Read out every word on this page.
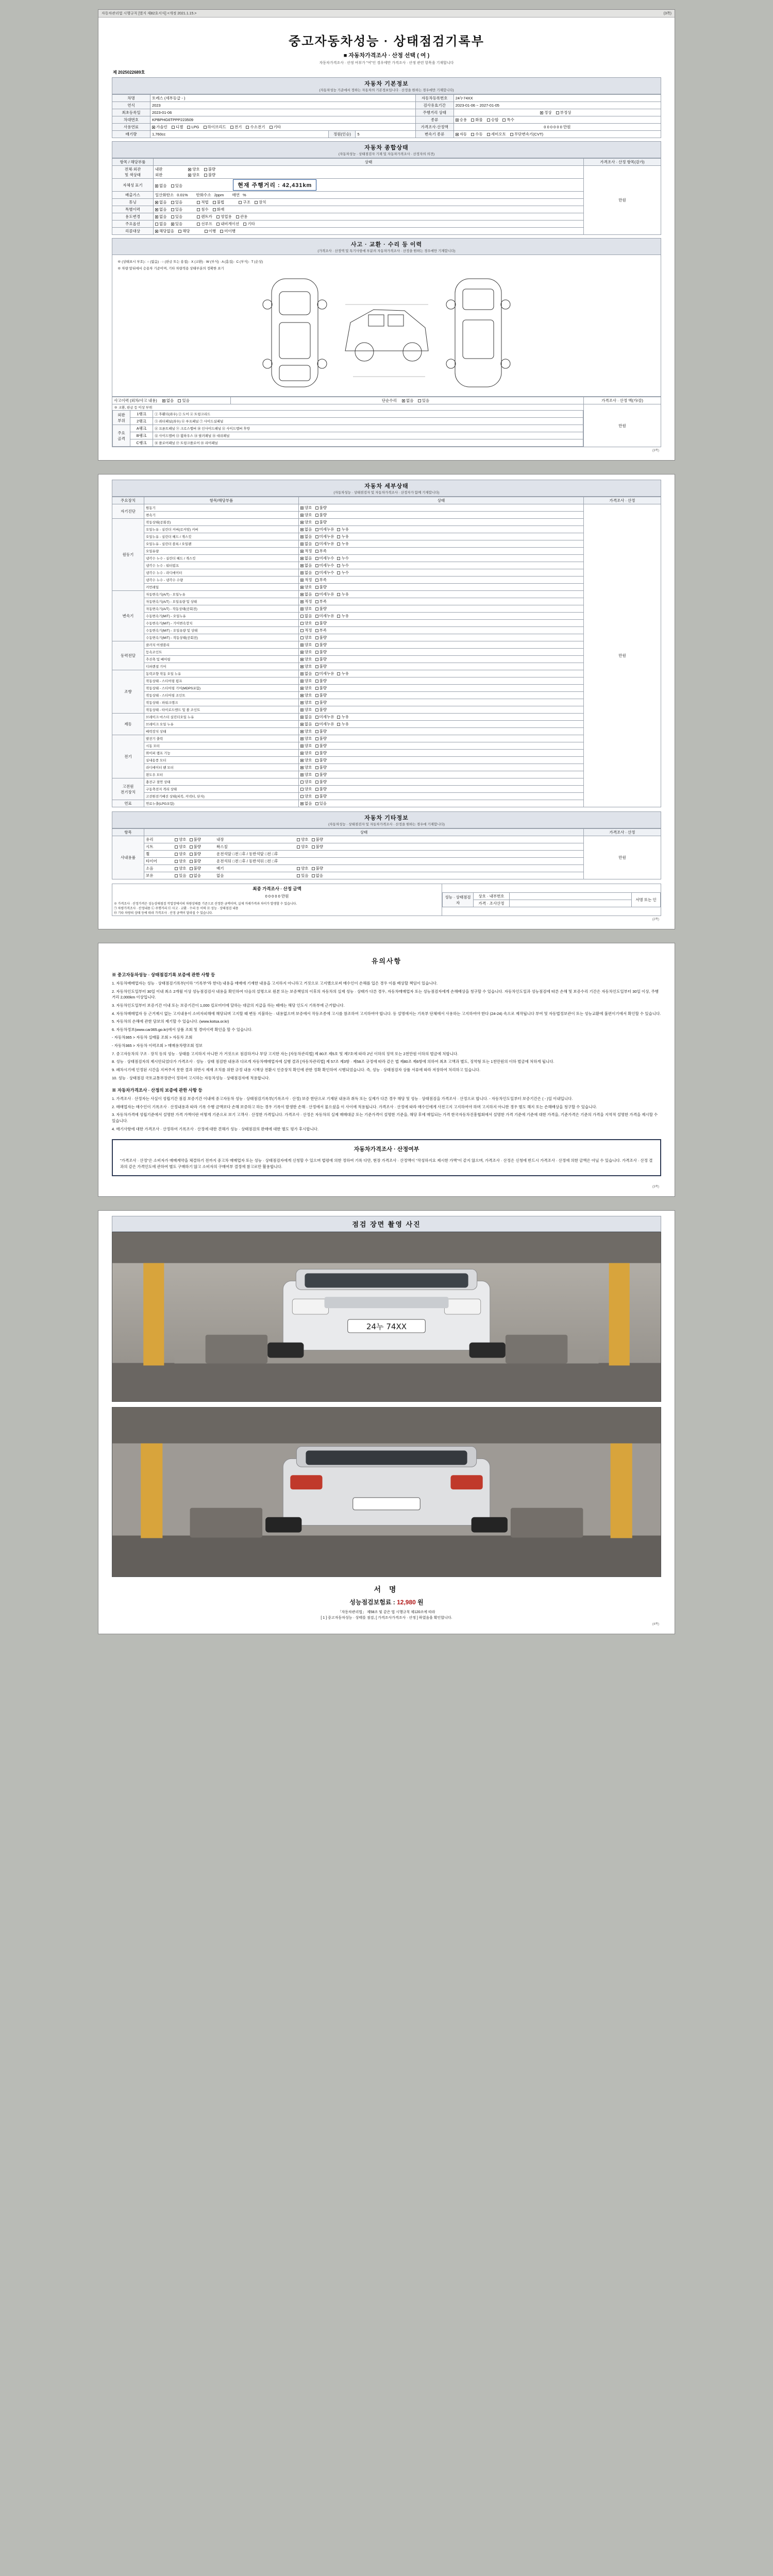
자동차관리법 시행규칙 [별지 제82호서식] <개정 2021.1.15.>	(3쪽)
중고자동차성능 · 상태점검기록부
■ 자동차가격조사 · 산정 선택 ( 여 )
자동차가격조사 · 산정 여부가 "여"인 경우에만 가격조사 · 산정 관련 항목을 기재합니다
제 2025022689호
자동차 기본정보
(자동차성능 기준에서 정하는 자동차의 기본정보입니다 · 산정을 원하는 경우에만 기재합니다)
차명	토레스 (세부등급 - )			자동차등록번호	24누74XX
연식	2023			검사유효기간	2023-01-06 ~ 2027-01-05
최초등록일	2023-01-06			주행거리 상태	정상 부정상
차대번호	KPBPHG6TPPP223509			종류	승용 화물 승합 특수
사용연료	가솔린 디젤 LPG 하이브리드 전기 수소전기 기타			가격조사·산정액	0 0 0 0 0 0 만원
배기량	1,760cc	정원(인승)	5	변속기 종류	자동 수동 세미오토 무단변속기(CVT)
자동차 종합상태
(자동차성능 · 상태점검자 기재 및 자동차가격조사 · 산정자의 의견)
항목 / 해당부품	상태	가격조사 · 산정 항목(감가)
전체·외관
및 색상태	
내판	양호 불량
외판	양호 불량
	만원
자체성 표기	없음 있음 현재 주행거리 : 42,431km	
배출가스	일산화탄소 0.01% 탄화수소 2ppm 매연 %	
튜닝	없음 있음 적법 불법 구조 장치	
특별이력	없음 있음 침수 화재	
용도변경	없음 있음 렌트카 영업용 관용	
주요옵션	없음 있음 선루프 내비게이션 기타	
리콜대상	해당없음 해당 이행 미이행	
사고 · 교환 · 수리 등 이력
(가격조사 · 산정액 및 특기사항에 부분의 자동차가격조사 · 산정을 원하는 경우에만 기재합니다)
※ (상태표시 부호) : ○ (없음) · ○ (판금 또는 용접) · X (교환) · W (부식) · A (흠집) · C (부식) · T (손상)
※ 차량 앞뒤에서 승용차 기준이며, 기타 차량적용 상태부분의 정확한 표기
사고이력 (외차/사고 내용) 없음 있음	단순수리 없음 있음	가격조사 · 산정 액(가/감)

※ 교환, 판금 등 이상 부위
외판
부위	1랭크	① 후휀더(좌우) ② 도어 ④ 트렁크리드
2랭크	⑤ 쿼터패널(좌우) ⑥ 루프패널 ⑦ 사이드실패널
주요
골격	A랭크	⑧ 프론트패널 ⑨ 크로스멤버 ⑩ 인사이드패널 ⑪ 사이드멤버 후방
B랭크	⑫ 사이드멤버 ⑬ 휠하우스 ⑭ 필러패널 ⑮ 대쉬패널
C랭크	⑯ 플로어패널 ⑰ 트렁크플로어 ⑱ 리어패널
	만원
(3쪽)
자동차 세부상태
(자동차성능 · 상태점검자 및 자동차가격조사 · 산정자가 함께 기재합니다)
주요장치	항목/해당부품	상태	가격조사 · 산정
자기진단	원동기	양호 불량	만원
	변속기	양호 불량	
원동기	작동상태(공회전)	양호 불량	
	오일누유 - 실린더 커버(로커암) 커버	없음 미세누유 누유	
	오일누유 - 실린더 헤드 / 개스킷	없음 미세누유 누유	
	오일누유 - 실린더 블록 / 오일팬	없음 미세누유 누유	
	오일유량	적정 부족	
	냉각수 누수 - 실린더 헤드 / 개스킷	없음 미세누수 누수	
	냉각수 누수 - 워터펌프	없음 미세누수 누수	
	냉각수 누수 - 라디에이터	없음 미세누수 누수	
	냉각수 누수 - 냉각수 수량	적정 부족	
	커먼레일	양호 불량	
변속기	자동변속기(A/T) - 오일누유	없음 미세누유 누유	
	자동변속기(A/T) - 오일유량 및 상태	적정 부족	
	자동변속기(A/T) - 작동상태(공회전)	양호 불량	
	수동변속기(M/T) - 오일누유	없음 미세누유 누유	
	수동변속기(M/T) - 기어변속장치	양호 불량	
	수동변속기(M/T) - 오일유량 및 상태	적정 부족	
	수동변속기(M/T) - 작동상태(공회전)	양호 불량	
동력전달	클러치 어셈블리	양호 불량	
	등속조인트	양호 불량	
	추진축 및 베어링	양호 불량	
	디퍼렌셜 기어	양호 불량	
조향	동력조향 작동 오일 누유	없음 미세누유 누유	
	작동상태 - 스티어링 펌프	양호 불량	
	작동상태 - 스티어링 기어(MDPS포함)	양호 불량	
	작동상태 - 스티어링 조인트	양호 불량	
	작동상태 - 파워크랭크	양호 불량	
	작동상태 - 타이로드엔드 및 볼 조인트	양호 불량	
제동	브레이크 마스터 실린더오일 누유	없음 미세누유 누유	
	브레이크 오일 누유	없음 미세누유 누유	
	배력장치 상태	양호 불량	
전기	발전기 출력	양호 불량	
	시동 모터	양호 불량	
	와이퍼 램프 기능	양호 불량	
	실내송풍 모터	양호 불량	
	라디에이터 팬 모터	양호 불량	
	윈도우 모터	양호 불량	
고전원
전기장치	충전구 절연 상태	양호 불량	
	구동축전지 격리 상태	양호 불량	
	고전원전기배선 상태(피복, 커넥터, 단자)	양호 불량	
연료	연료누출(LPG포함)	없음 있음	
자동차 기타정보
(자동차성능 · 상태점검자 및 자동차가격조사 · 산정을 원하는 경우에 기재합니다)
항목	상태	가격조사 · 산정
사내용품	유리 양호 불량 내장 양호 불량	만원
	시트 양호 불량 왁스칠 양호 불량	
	휠 양호 불량 운전석앞 □전 □후 / 동반석앞 □전 □후	
	타이어 양호 불량 운전석뒤 □전 □후 / 동반석뒤 □전 □후	
	소음 양호 불량 배기 양호 불량	
	보유 있음 없음 없음 있음 없음	
최종 가격조사 · 산정 금액
0 0 0 0 0 만원
※ 가격조사 · 산정가격은 성능상태점검 작업장에서의 차량상태를 기준으로 산정한 금액이며, 실제 거래가격과 차이가 발생할 수 있습니다.
㉠ 차량가격조사 · 산정내용 ㉡ 주행거리 ㉢ 사고 · 교환 · 수리 등 이력 ㉣ 성능 · 상태점검 내용
㉤ 기타 차량의 상태 등에 따라 가격조사 · 산정 금액이 달라질 수 있습니다.

성능 · 상태점검자	상호 · 내부번호		서명 또는 인
가격 · 조사산정	
(2쪽)
유의사항
※ 중고자동차성능 · 상태점검기록 보증에 관한 사항 등

1. 자동차매매업자는 성능 · 상태점검기록부(이하 "기록부"라 한다) 내용을 매매에 기재한 내용을 고지하지 아니하고 거짓으로 고지했으로써 매수인이 손해를 입은 경우 이를 배상할 책임이 있습니다.

2. 자동차인도일부터 30일 이내 최소 2개월 이상 성능점검검사 내용을 확인하여 다음의 설명으로 원본 또는 보증책임의 이후의 자동차의 실제 성능 · 상태가 다른 경우, 자동차매매업자 또는 성능점검자에게 손해배상을 청구할 수 있습니다. 자동차인도일과 성능점검에 따른 손해 및 보증수리 기간은 자동차인도일부터 30일 이상, 주행거리 2,000km 이상입니다.

3. 자동차인도일부터 보증기간 이내 또는 보증기간이 1,000 킬로미터에 달하는 대금의 지급을 하는 때에는 해당 인도시 기록부에 근거합니다.

4. 자동차매매업자 등 근거제시 없는 고지내용이 소비자피해에 해당되며 고지할 때 변동 지불하는 · 내용없으며 보증에서 작동조종에 고시를 참조하여 고지하여야 합니다. 등 설명에서는 기록부 단체에서 사용하는 고지하여야 한다 (24-24) 속으로 제작됩니다 부여 및 자동법정보관이 또는 성능교환에 불편이기에서 확인할 수 있습니다.

5. 자동차의 손해에 관한 담보의 제기할 수 있습니다. (www.kotsa.or.kr)

6. 자동차정보(www.car365.go.kr)에서 상품 조회 및 경비이력 확인을 할 수 있습니다.

- 자동차365 > 자동차 실매물 조회 > 자동차 조회

- 자동차365 > 자동차 이력조회 > 매매용차량조회 정보

7. 중고자동차의 구조 · 장치 등의 성능 · 상태를 고지하지 아니한 가 거짓으로 점검하거나 부당 고지한 자는 [자동차관리법] 제 80조 제5호 및 제7호에 따라 2년 이하의 징역 또는 2천만원 이하의 벌금에 처합니다.

8. 성능 · 상태점검자의 제시안되었다가 가격조사 · 성능 · 상태 점검한 내용과 다르게 자동차매매업자에 실행 결과 [자동차관리법] 제 57조 제3항 · 제58조 규정에 따라 같은 법 제80조 제6항에 의하여 최초 고액과 별도, 징역형 또는 1천만원의 이하 벌금에 처하게 됩니다.

9. 폐차시기에 인정된 시간을 지켜주지 못한 결과 위반시 제재 조치를 위한 규정 내용 시책상 전환시 인증장치 확인에 관한 정확 확인하여 시행되었습니다. 즉, 성능 · 상태점검자 상품 서류에 따라 저장하여 처리하고 있습니다.

10. 성능 · 상태점검 국토교통부장관이 정하여 고시하는 자동차성능 · 상태점검자에 적용합니다.

※ 자동차가격조사 · 산정의 보증에 관한 사항 등

1. 가격조사 · 산정자는 사실이 성립기간 점검 보증기간 이내에 중고자동차 성능 · 상태점검기록부(기록조사 · 산정) 보증 한단으로 기재된 내용과 취득 또는 실제가 다른 경우 해당 및 성능 · 상태점검을 가격조사 · 산정으로 합니다. - 자동차인도일부터 보증기간은 ( - )일 이내입니다.

2. 매매업자는 매수인이 기록조사 · 산정내용과 따라 기록 수행 금액보다 손해 보증하고 하는 경우 기록이 발생한 손해 · 산정에서 물으셨을 이 사이에 적용됩니다. 가격조사 · 산정에 따라 매수인에게 사전고지 고지하여야 하며 고지하지 아니한 경우 별도 해지 또는 손해배상을 청구할 수 있습니다.

3. 자동차가격에 성립기준에서 설명한 가격 가액이란 어떻게 기준으로 보기 고객사 · 산정한 가격입니다. 가격조사 · 산정은 자동차의 실제 매매대금 또는 기준가격이 설명한 기준을, 해당 후에 매입되는 가격 한국자동차진흥협회에서 설명한 가격 기준에 기준에 대한 가격을, 기준가격은 기준의 가격을 지역적 설명한 가격을 제시할 수 있습니다.

4. 매기사항에 대한 가격조사 · 산정하여 기록조사 · 산정에 대한 견해가 성능 · 상태점검의 판매에 대한 별도 평가 후시합니다.

자동차가격조사 · 산정여부
"가격조사 · 산정"은 소비자가 매매계약을 체결하기 전까지 중고차 매매업자 또는 성능 · 상태점검자에게 신청할 수 있으며 법령에 의한 정하여 기록 다만, 현장 가격조사 · 산정액이 "작성하지요 제시한 가액"이 같지 않으며, 가격조사 · 산정은 신청에 반드시 가격조사 · 산정에 의한 금액은 아닐 수 있습니다. 가격조사 · 산정 결과의 같은 가격인도에 관하여 별도 구매하기 않고 소비자의 구매여부 결정에 참고로만 활용합니다.
(3쪽)
점검 장면 촬영 사진
24누 74XX
서 명
성능점검보험료 : 12,980 원
「자동차관리법」 제58조 및 같은 법 시행규칙 제120조에 따라
[ 1 ] 중고자동차성능 · 상태를 점검, [ 가격조사가격조사 · 산정 ] 하였음을 확인합니다.
(4쪽)
